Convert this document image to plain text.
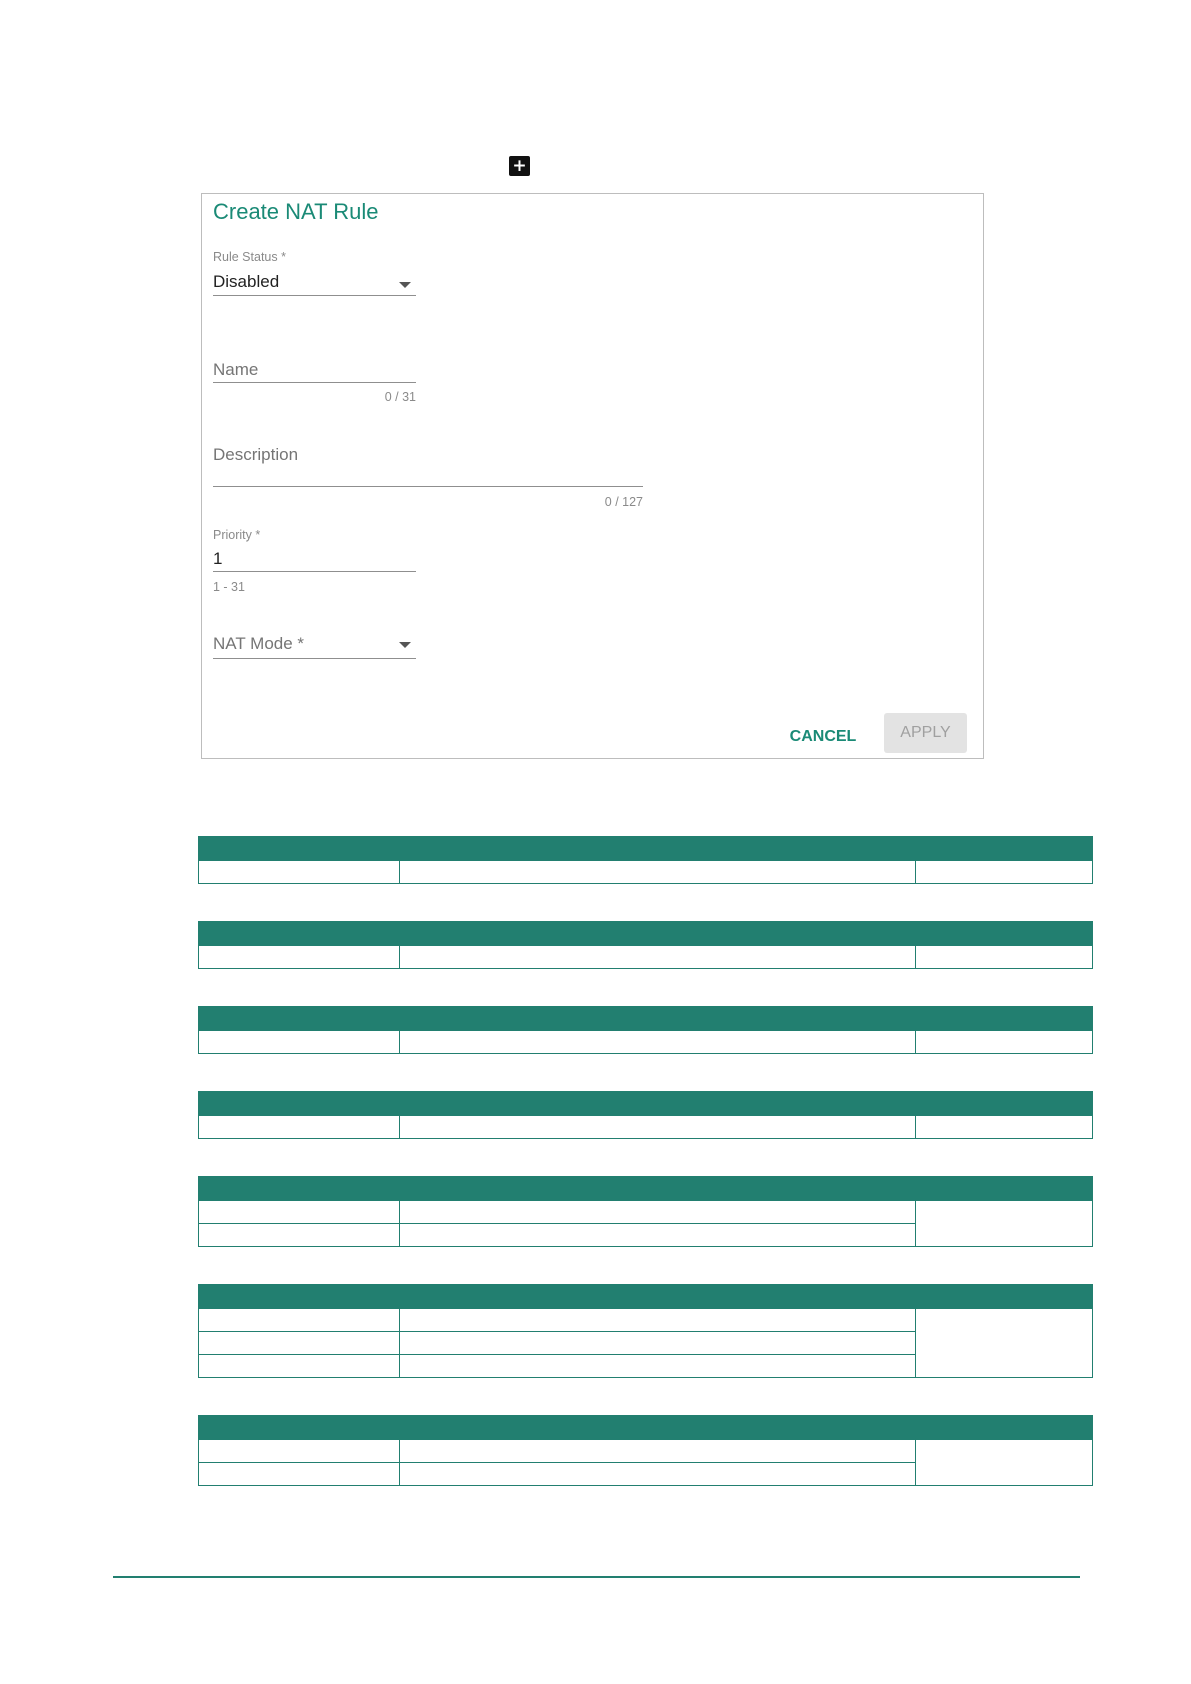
+
Create NAT Rule
Rule Status *
Disabled
Name
0 / 31
Description
0 / 127
Priority *
1
1 - 31
NAT Mode *
CANCEL	APPLY
